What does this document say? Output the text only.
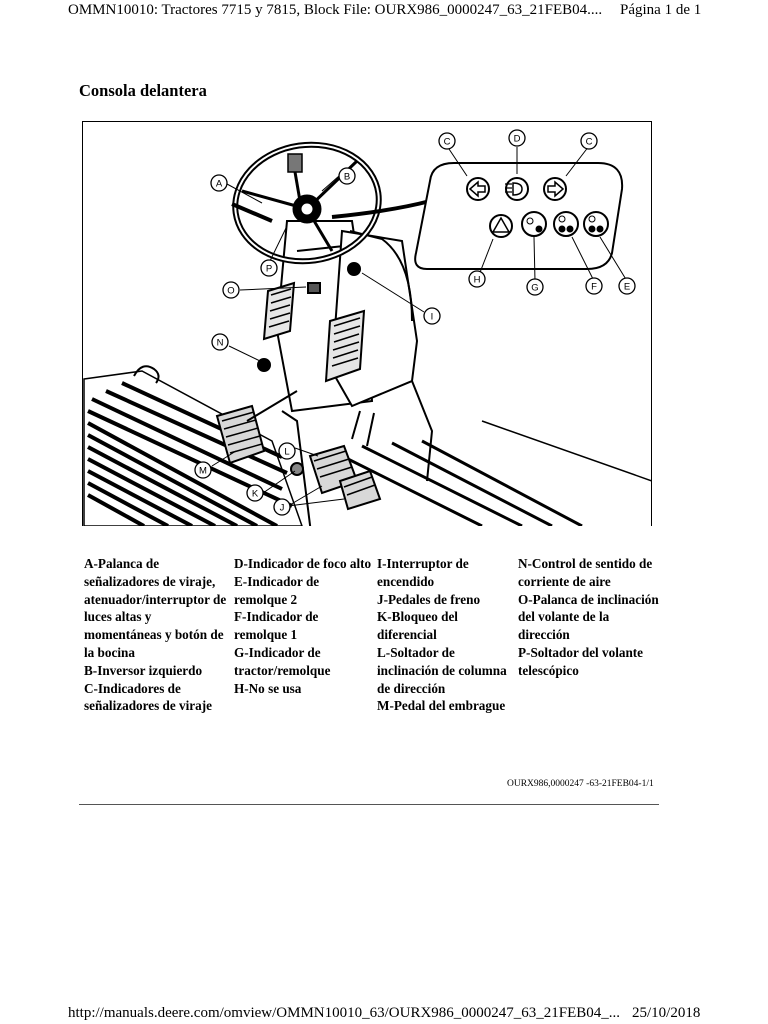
OMMN10010: Tractores 7715 y 7815, Block File: OURX986_0000247_63_21FEB04.... Página 1 de 1
Consola delantera
A
B
C	C
D
E
F
G
H
I
J
K
L
M
N
O
P
A-Palanca de señalizadores de viraje, atenuador/interruptor de luces altas y momentáneas y botón de la bocina
B-Inversor izquierdo
C-Indicadores de señalizadores de viraje
D-Indicador de foco alto
E-Indicador de remolque 2
F-Indicador de remolque 1
G-Indicador de tractor/remolque
H-No se usa
I-Interruptor de encendido
J-Pedales de freno
K-Bloqueo del diferencial
L-Soltador de inclinación de columna de dirección
M-Pedal del embrague
N-Control de sentido de corriente de aire
O-Palanca de inclinación del volante de la dirección
P-Soltador del volante telescópico
OURX986,0000247 -63-21FEB04-1/1
http://manuals.deere.com/omview/OMMN10010_63/OURX986_0000247_63_21FEB04_... 25/10/2018
